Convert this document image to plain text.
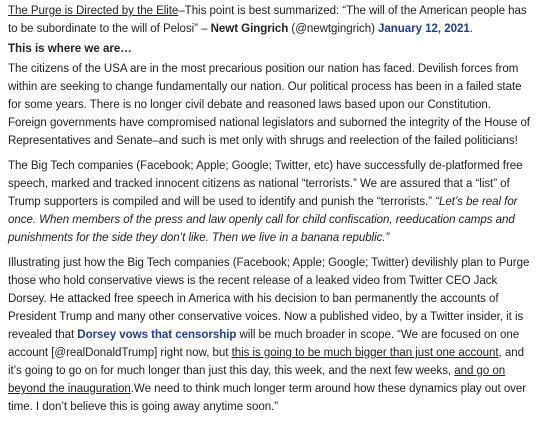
The Purge is Directed by the Elite–This point is best summarized: “The will of the American people has to be subordinate to the will of Pelosi” – Newt Gingrich (@newtgingrich) January 12, 2021.

This is where we are…

The citizens of the USA are in the most precarious position our nation has faced. Devilish forces from within are seeking to change fundamentally our nation. Our political process has been in a failed state for some years. There is no longer civil debate and reasoned laws based upon our Constitution. Foreign governments have compromised national legislators and suborned the integrity of the House of Representatives and Senate–and such is met only with shrugs and reelection of the failed politicians!

The Big Tech companies (Facebook; Apple; Google; Twitter, etc) have successfully de-platformed free speech, marked and tracked innocent citizens as national “terrorists.” We are assured that a “list” of Trump supporters is compiled and will be used to identify and punish the “terrorists.” “Let’s be real for once. When members of the press and law openly call for child confiscation, reeducation camps and punishments for the side they don’t like. Then we live in a banana republic.”

Illustrating just how the Big Tech companies (Facebook; Apple; Google; Twitter) devilishly plan to Purge those who hold conservative views is the recent release of a leaked video from Twitter CEO Jack Dorsey. He attacked free speech in America with his decision to ban permanently the accounts of President Trump and many other conservative voices. Now a published video, by a Twitter insider, it is revealed that Dorsey vows that censorship will be much broader in scope. “We are focused on one account [@realDonaldTrump] right now, but this is going to be much bigger than just one account, and it’s going to go on for much longer than just this day, this week, and the next few weeks, and go on beyond the inauguration.We need to think much longer term around how these dynamics play out over time. I don’t believe this is going away anytime soon.”
